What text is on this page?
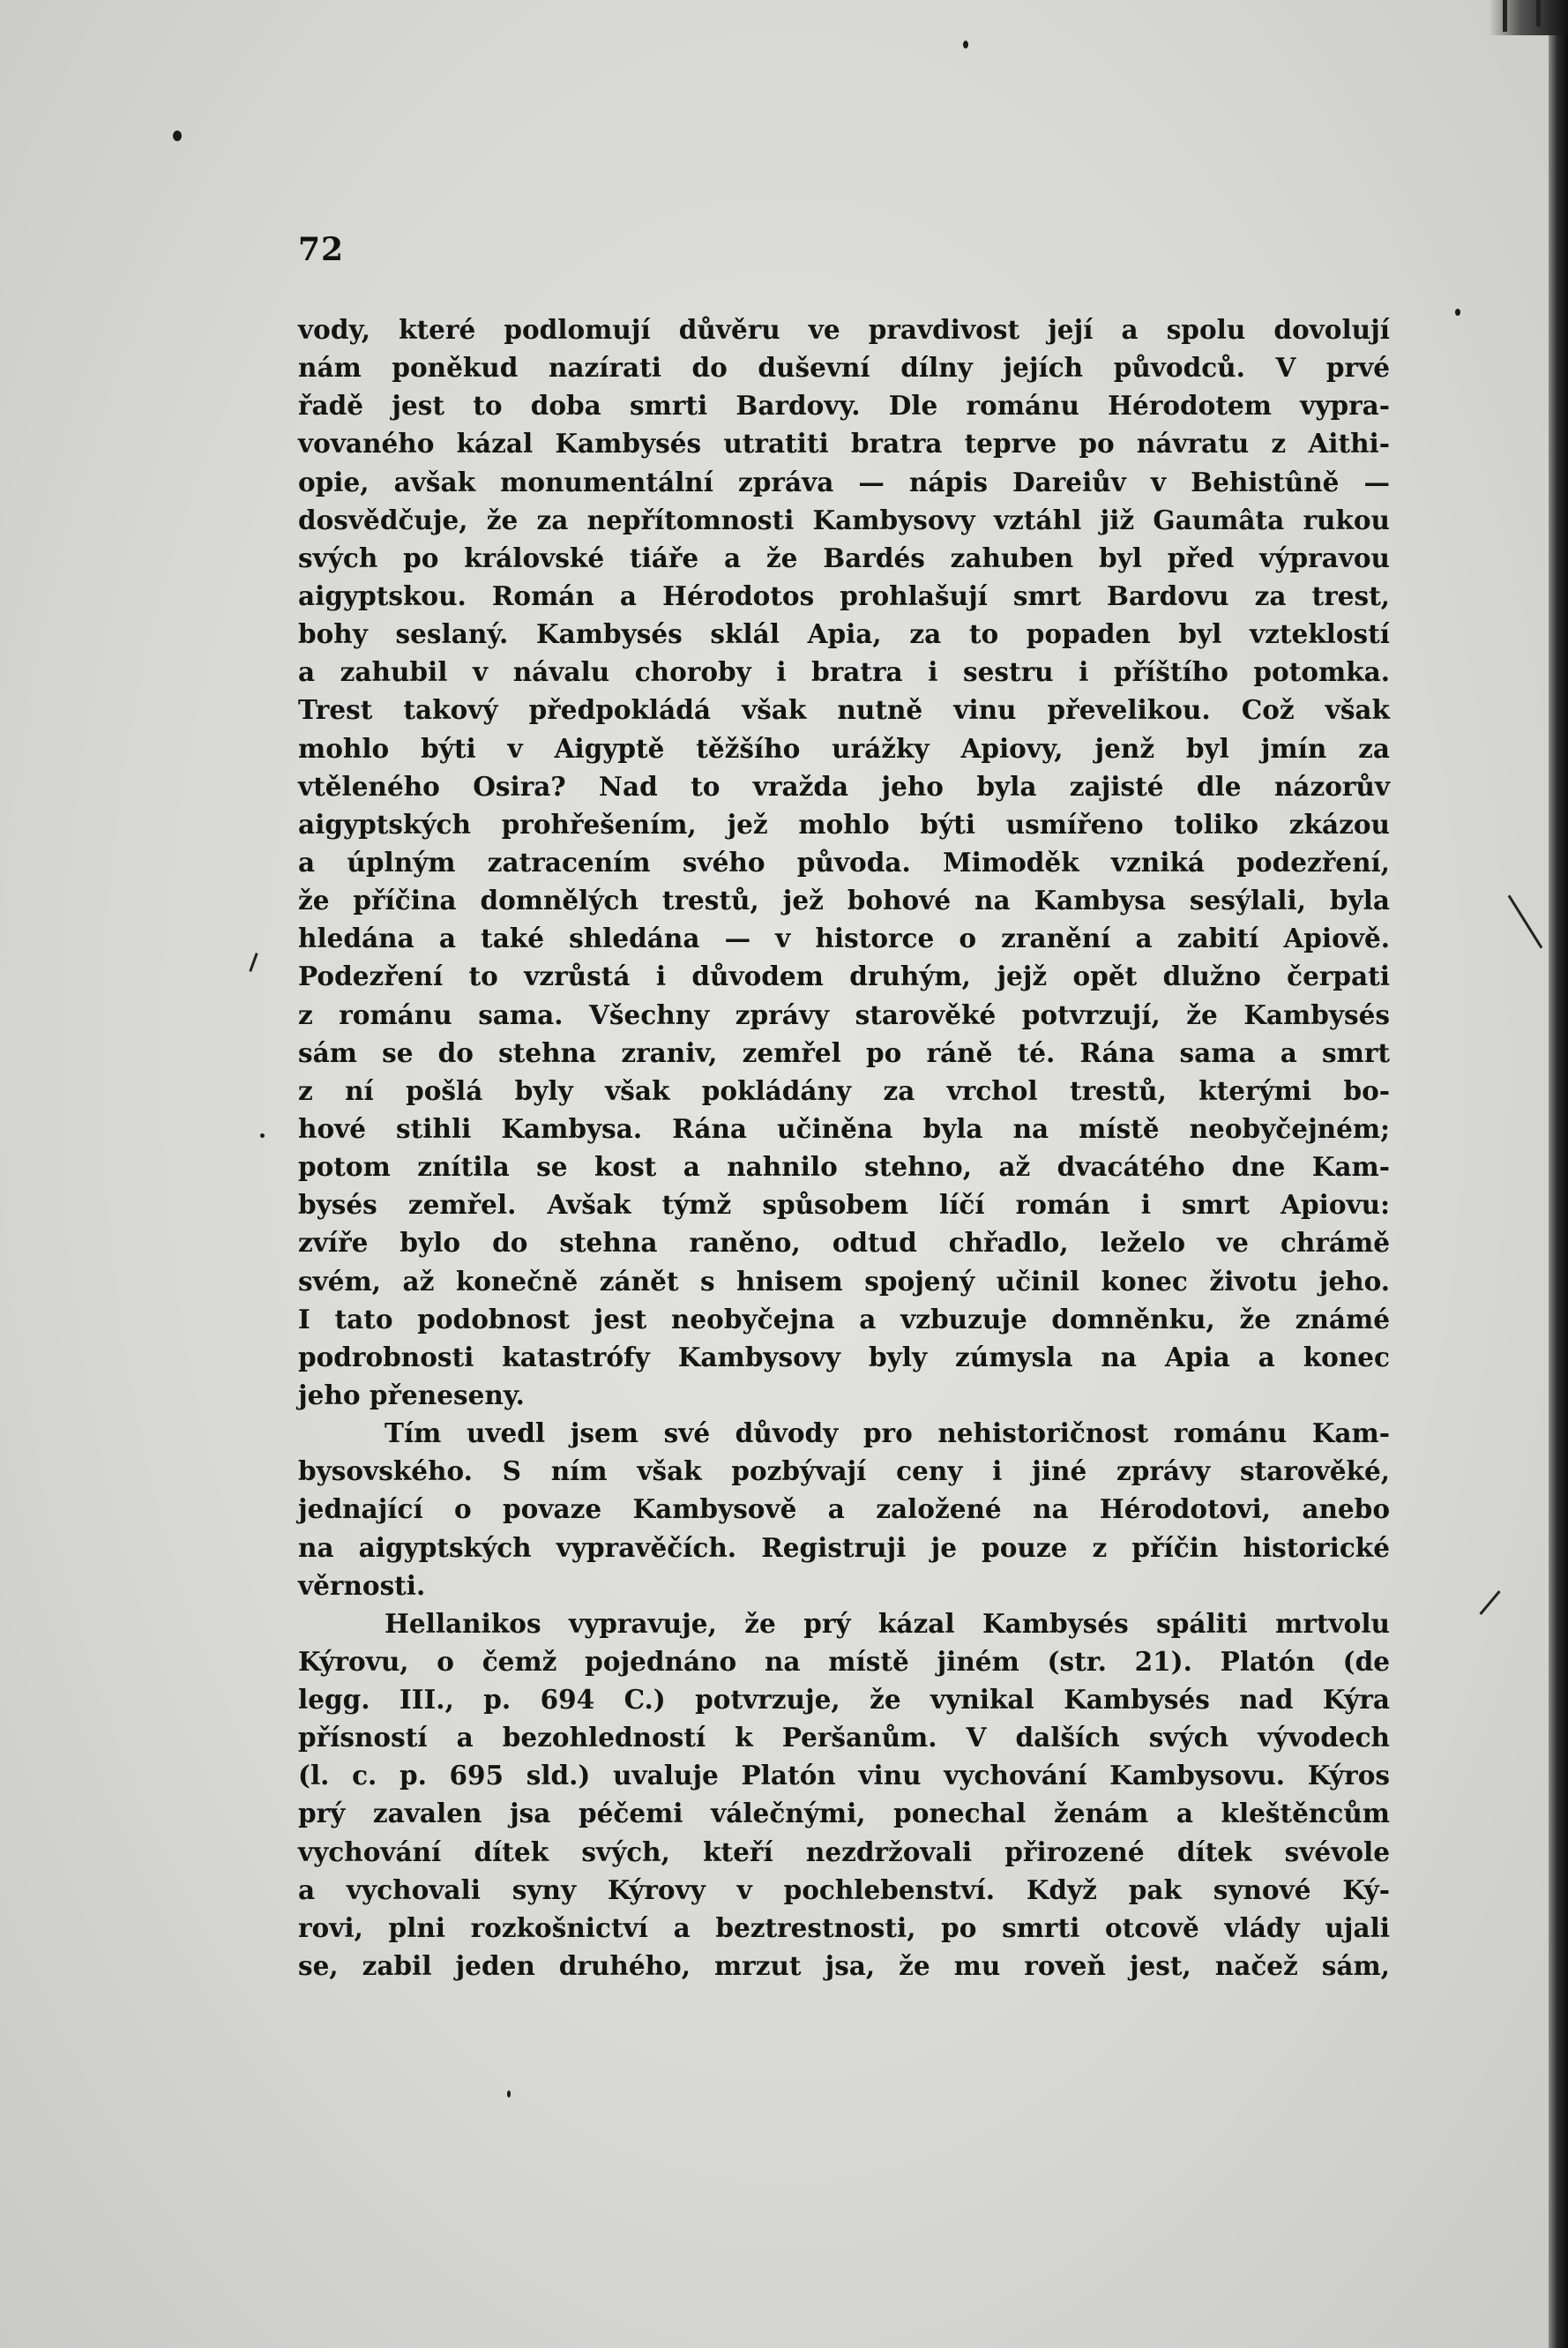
72
vody, které podlomují důvěru ve pravdivost její a spolu dovolují
nám poněkud nazírati do duševní dílny jejích původců. V prvé
řadě jest to doba smrti Bardovy. Dle románu Hérodotem vypra-
vovaného kázal Kambysés utratiti bratra teprve po návratu z Aithi-
opie, avšak monumentální zpráva — nápis Dareiův v Behistûně —
dosvědčuje, že za nepřítomnosti Kambysovy vztáhl již Gaumâta rukou
svých po královské tiáře a že Bardés zahuben byl před výpravou
aigyptskou. Román a Hérodotos prohlašují smrt Bardovu za trest,
bohy seslaný. Kambysés sklál Apia, za to popaden byl vzteklostí
a zahubil v návalu choroby i bratra i sestru i příštího potomka.
Trest takový předpokládá však nutně vinu převelikou. Což však
mohlo býti v Aigyptě těžšího urážky Apiovy, jenž byl jmín za
vtěleného Osira? Nad to vražda jeho byla zajisté dle názorův
aigyptských prohřešením, jež mohlo býti usmířeno toliko zkázou
a úplným zatracením svého původa. Mimoděk vzniká podezření,
že příčina domnělých trestů, jež bohové na Kambysa sesýlali, byla
hledána a také shledána — v historce o zranění a zabití Apiově.
Podezření to vzrůstá i důvodem druhým, jejž opět dlužno čerpati
z románu sama. Všechny zprávy starověké potvrzují, že Kambysés
sám se do stehna zraniv, zemřel po ráně té. Rána sama a smrt
z ní pošlá byly však pokládány za vrchol trestů, kterými bo-
hové stihli Kambysa. Rána učiněna byla na místě neobyčejném;
potom znítila se kost a nahnilo stehno, až dvacátého dne Kam-
bysés zemřel. Avšak týmž spůsobem líčí román i smrt Apiovu:
zvíře bylo do stehna raněno, odtud chřadlo, leželo ve chrámě
svém, až konečně zánět s hnisem spojený učinil konec životu jeho.
I tato podobnost jest neobyčejna a vzbuzuje domněnku, že známé
podrobnosti katastrófy Kambysovy byly zúmysla na Apia a konec
jeho přeneseny.
Tím uvedl jsem své důvody pro nehistoričnost románu Kam-
bysovského. S ním však pozbývají ceny i jiné zprávy starověké,
jednající o povaze Kambysově a založené na Hérodotovi, anebo
na aigyptských vypravěčích. Registruji je pouze z příčin historické
věrnosti.
Hellanikos vypravuje, že prý kázal Kambysés spáliti mrtvolu
Kýrovu, o čemž pojednáno na místě jiném (str. 21). Platón (de
legg. III., p. 694 C.) potvrzuje, že vynikal Kambysés nad Kýra
přísností a bezohledností k Peršanům. V dalších svých vývodech
(l. c. p. 695 sld.) uvaluje Platón vinu vychování Kambysovu. Kýros
prý zavalen jsa péčemi válečnými, ponechal ženám a kleštěncům
vychování dítek svých, kteří nezdržovali přirozené dítek svévole
a vychovali syny Kýrovy v pochlebenství. Když pak synové Ký-
rovi, plni rozkošnictví a beztrestnosti, po smrti otcově vlády ujali
se, zabil jeden druhého, mrzut jsa, že mu roveň jest, načež sám,
